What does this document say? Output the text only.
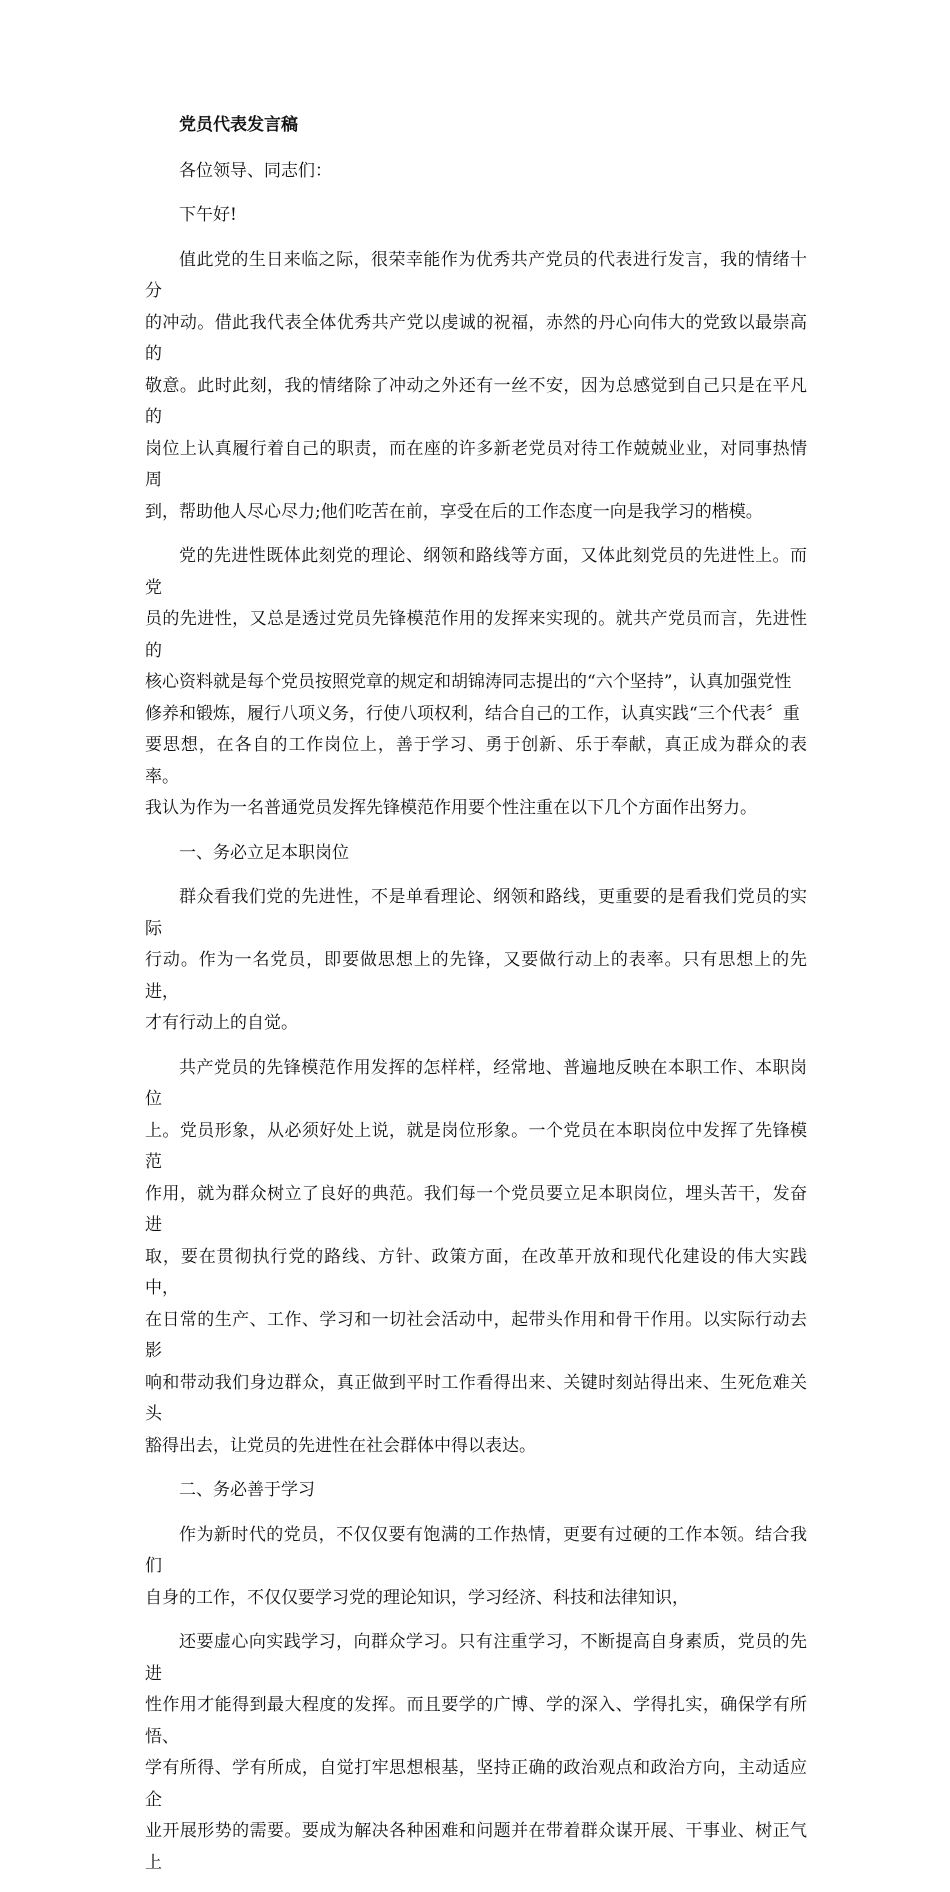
党员代表发言稿
各位领导、同志们：
下午好!
值此党的生日来临之际，很荣幸能作为优秀共产党员的代表进行发言，我的情绪十分
的冲动。借此我代表全体优秀共产党以虔诚的祝福，赤然的丹心向伟大的党致以最崇高的
敬意。此时此刻，我的情绪除了冲动之外还有一丝不安，因为总感觉到自己只是在平凡的
岗位上认真履行着自己的职责，而在座的许多新老党员对待工作兢兢业业，对同事热情周
到，帮助他人尽心尽力;他们吃苦在前，享受在后的工作态度一向是我学习的楷模。
党的先进性既体此刻党的理论、纲领和路线等方面，又体此刻党员的先进性上。而党
员的先进性，又总是透过党员先锋模范作用的发挥来实现的。就共产党员而言，先进性的
核心资料就是每个党员按照党章的规定和胡锦涛同志提出的“六个坚持”，认真加强党性
修养和锻炼，履行八项义务，行使八项权利，结合自己的工作，认真实践“三个代表〞重
要思想，在各自的工作岗位上，善于学习、勇于创新、乐于奉献，真正成为群众的表率。
我认为作为一名普通党员发挥先锋模范作用要个性注重在以下几个方面作出努力。
一、务必立足本职岗位
群众看我们党的先进性，不是单看理论、纲领和路线，更重要的是看我们党员的实际
行动。作为一名党员，即要做思想上的先锋，又要做行动上的表率。只有思想上的先进，
才有行动上的自觉。
共产党员的先锋模范作用发挥的怎样样，经常地、普遍地反映在本职工作、本职岗位
上。党员形象，从必须好处上说，就是岗位形象。一个党员在本职岗位中发挥了先锋模范
作用，就为群众树立了良好的典范。我们每一个党员要立足本职岗位，埋头苦干，发奋进
取，要在贯彻执行党的路线、方针、政策方面，在改革开放和现代化建设的伟大实践中，
在日常的生产、工作、学习和一切社会活动中，起带头作用和骨干作用。以实际行动去影
响和带动我们身边群众，真正做到平时工作看得出来、关键时刻站得出来、生死危难关头
豁得出去，让党员的先进性在社会群体中得以表达。
二、务必善于学习
作为新时代的党员，不仅仅要有饱满的工作热情，更要有过硬的工作本领。结合我们
自身的工作，不仅仅要学习党的理论知识，学习经济、科技和法律知识，
还要虚心向实践学习，向群众学习。只有注重学习，不断提高自身素质，党员的先进
性作用才能得到最大程度的发挥。而且要学的广博、学的深入、学得扎实，确保学有所悟、
学有所得、学有所成，自觉打牢思想根基，坚持正确的政治观点和政治方向，主动适应企
业开展形势的需要。要成为解决各种困难和问题并在带着群众谋开展、干事业、树正气上
